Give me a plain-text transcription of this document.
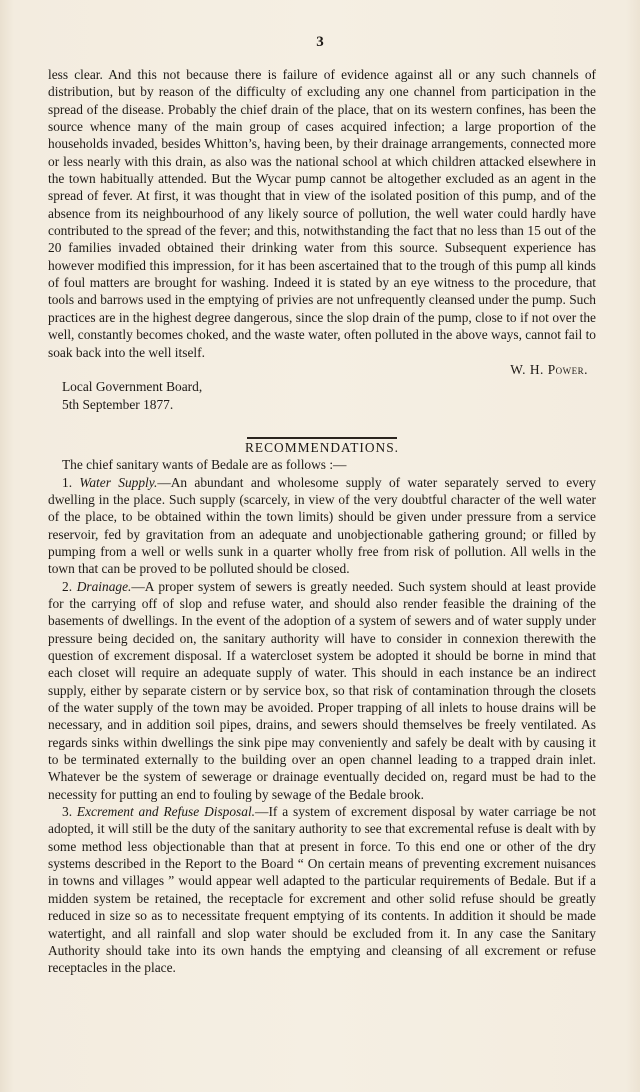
3

less clear. And this not because there is failure of evidence against all or any such channels of distribution, but by reason of the difficulty of excluding any one channel from participation in the spread of the disease. Probably the chief drain of the place, that on its western confines, has been the source whence many of the main group of cases acquired infection; a large proportion of the households invaded, besides Whitton’s, having been, by their drainage arrangements, connected more or less nearly with this drain, as also was the national school at which children attacked elsewhere in the town habitually attended. But the Wycar pump cannot be altogether excluded as an agent in the spread of fever. At first, it was thought that in view of the isolated position of this pump, and of the absence from its neighbourhood of any likely source of pollution, the well water could hardly have contributed to the spread of the fever; and this, notwithstanding the fact that no less than 15 out of the 20 families invaded obtained their drinking water from this source. Subsequent experience has however modified this impression, for it has been ascertained that to the trough of this pump all kinds of foul matters are brought for washing. Indeed it is stated by an eye witness to the procedure, that tools and barrows used in the emptying of privies are not unfrequently cleansed under the pump. Such practices are in the highest degree dangerous, since the slop drain of the pump, close to if not over the well, constantly becomes choked, and the waste water, often polluted in the above ways, cannot fail to soak back into the well itself.

W. H. Power.

Local Government Board,

5th September 1877.

RECOMMENDATIONS.

The chief sanitary wants of Bedale are as follows :—

1. Water Supply.—An abundant and wholesome supply of water separately served to every dwelling in the place. Such supply (scarcely, in view of the very doubtful character of the well water of the place, to be obtained within the town limits) should be given under pressure from a service reservoir, fed by gravitation from an adequate and unobjectionable gathering ground; or filled by pumping from a well or wells sunk in a quarter wholly free from risk of pollution. All wells in the town that can be proved to be polluted should be closed.

2. Drainage.—A proper system of sewers is greatly needed. Such system should at least provide for the carrying off of slop and refuse water, and should also render feasible the draining of the basements of dwellings. In the event of the adoption of a system of sewers and of water supply under pressure being decided on, the sanitary authority will have to consider in connexion therewith the question of excrement disposal. If a watercloset system be adopted it should be borne in mind that each closet will require an adequate supply of water. This should in each instance be an indirect supply, either by separate cistern or by service box, so that risk of contamination through the closets of the water supply of the town may be avoided. Proper trapping of all inlets to house drains will be necessary, and in addition soil pipes, drains, and sewers should themselves be freely ventilated. As regards sinks within dwellings the sink pipe may conveniently and safely be dealt with by causing it to be terminated externally to the building over an open channel leading to a trapped drain inlet. Whatever be the system of sewerage or drainage eventually decided on, regard must be had to the necessity for putting an end to fouling by sewage of the Bedale brook.

3. Excrement and Refuse Disposal.—If a system of excrement disposal by water carriage be not adopted, it will still be the duty of the sanitary authority to see that excremental refuse is dealt with by some method less objectionable than that at present in force. To this end one or other of the dry systems described in the Report to the Board “ On certain means of preventing excrement nuisances in towns and villages ” would appear well adapted to the particular requirements of Bedale. But if a midden system be retained, the receptacle for excrement and other solid refuse should be greatly reduced in size so as to necessitate frequent emptying of its contents. In addition it should be made watertight, and all rainfall and slop water should be excluded from it. In any case the Sanitary Authority should take into its own hands the emptying and cleansing of all excrement or refuse receptacles in the place.
